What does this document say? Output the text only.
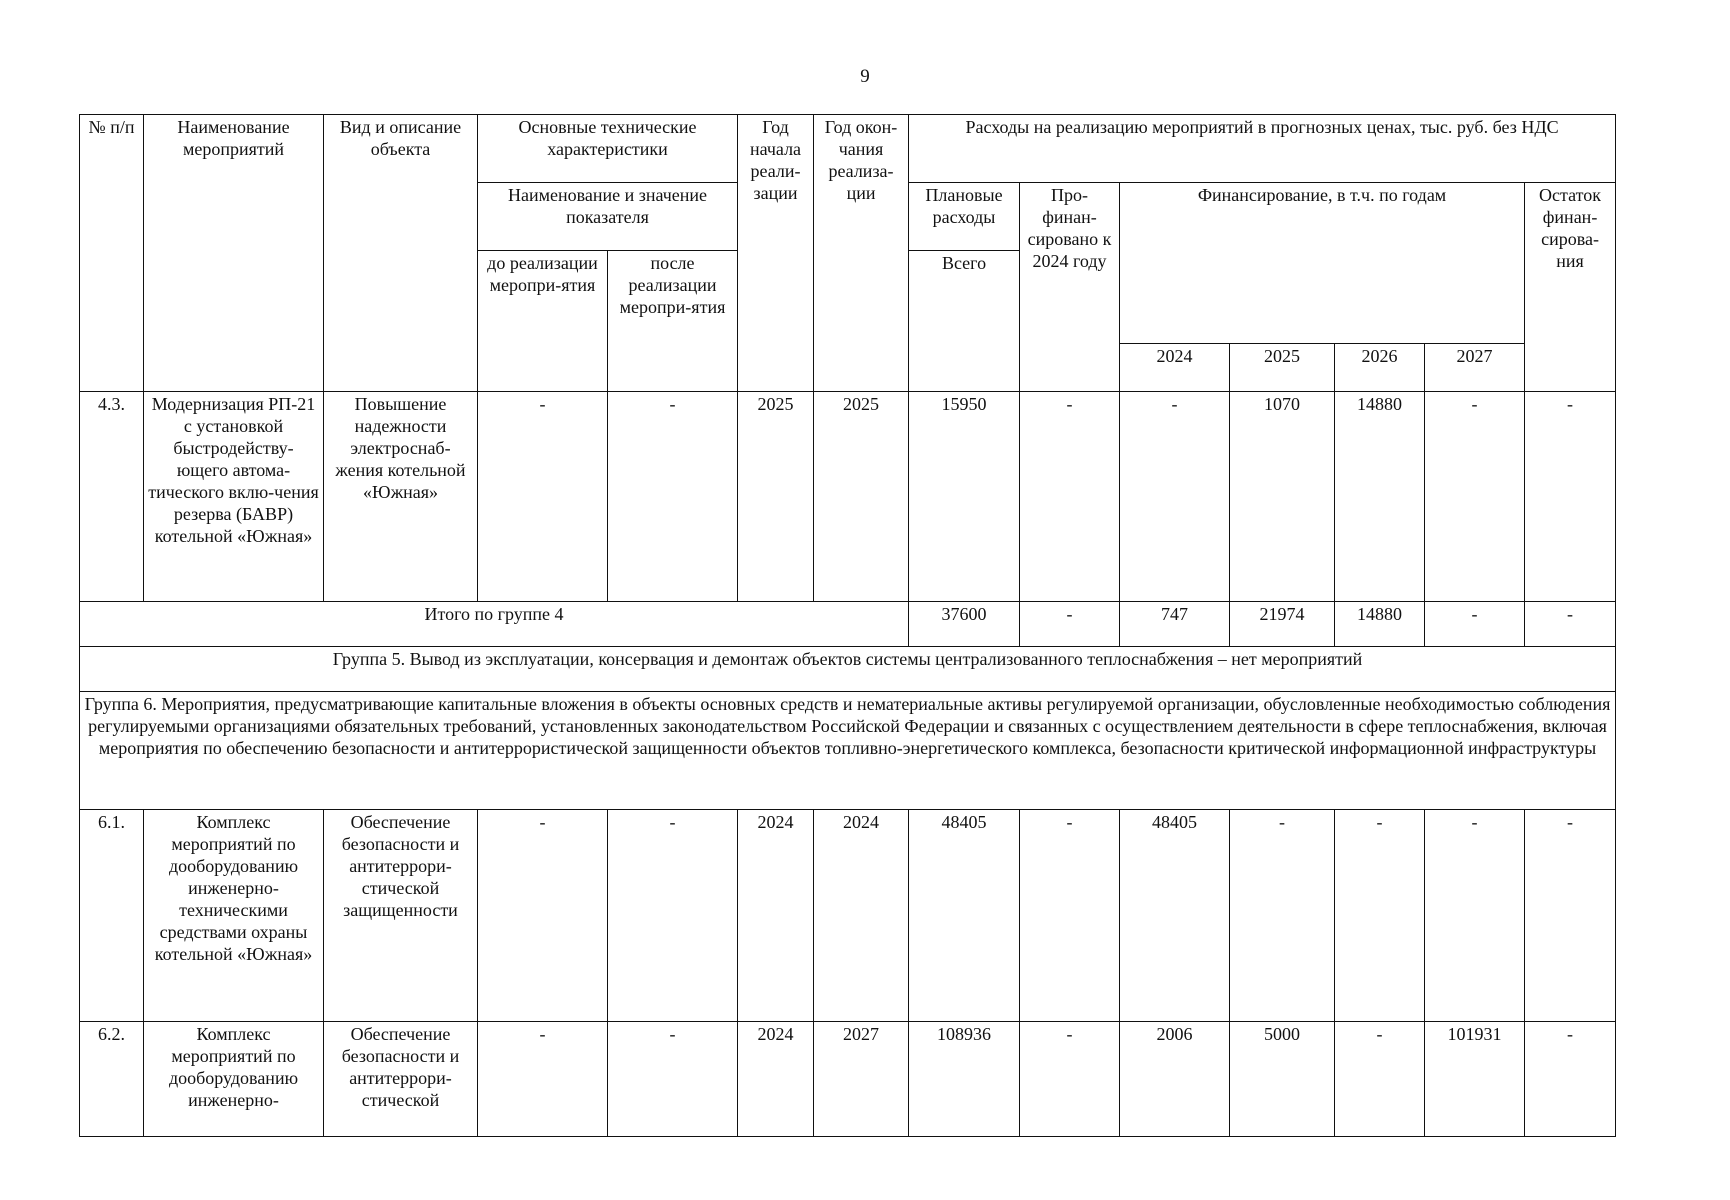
9
№ п/п	Наименование мероприятий	Вид и описание объекта	Основные технические характеристики		Год начала реали-зации	Год окон-чания реализа-ции	Расходы на реализацию мероприятий в прогнозных ценах, тыс. руб. без НДС						
			Наименование и значение показателя				Плановые расходы	Про-финан-сировано к 2024 году	Финансирование, в т.ч. по годам				Остаток финан-сирова-ния
			до реализации меропри-ятия	после реализации меропри-ятия			Всего						

									2024	2025	2026	2027	
4.3.	Модернизация РП-21 с установкой быстродейству-ющего автома-тического вклю-чения резерва (БАВР) котельной «Южная»	Повышение надежности электроснаб-жения котельной «Южная»	-	-	2025	2025	15950	-	-	1070	14880	-	-
Итого по группе 4							37600	-	747	21974	14880	-	-
Группа 5. Вывод из эксплуатации, консервация и демонтаж объектов системы централизованного теплоснабжения – нет мероприятий													
Группа 6. Мероприятия, предусматривающие капитальные вложения в объекты основных средств и нематериальные активы регулируемой организации, обусловленные необходимостью соблюдения регулируемыми организациями обязательных требований, установленных законодательством Российской Федерации и связанных с осуществлением деятельности в сфере теплоснабжения, включая мероприятия по обеспечению безопасности и антитеррористической защищенности объектов топливно-энергетического комплекса, безопасности критической информационной инфраструктуры													
6.1.	Комплекс мероприятий по дооборудованию инженерно-техническими средствами охраны котельной «Южная»	Обеспечение безопасности и антитеррори-стической защищенности	-	-	2024	2024	48405	-	48405	-	-	-	-
6.2.	Комплекс мероприятий по дооборудованию инженерно-	Обеспечение безопасности и антитеррори-стической	-	-	2024	2027	108936	-	2006	5000	-	101931	-
